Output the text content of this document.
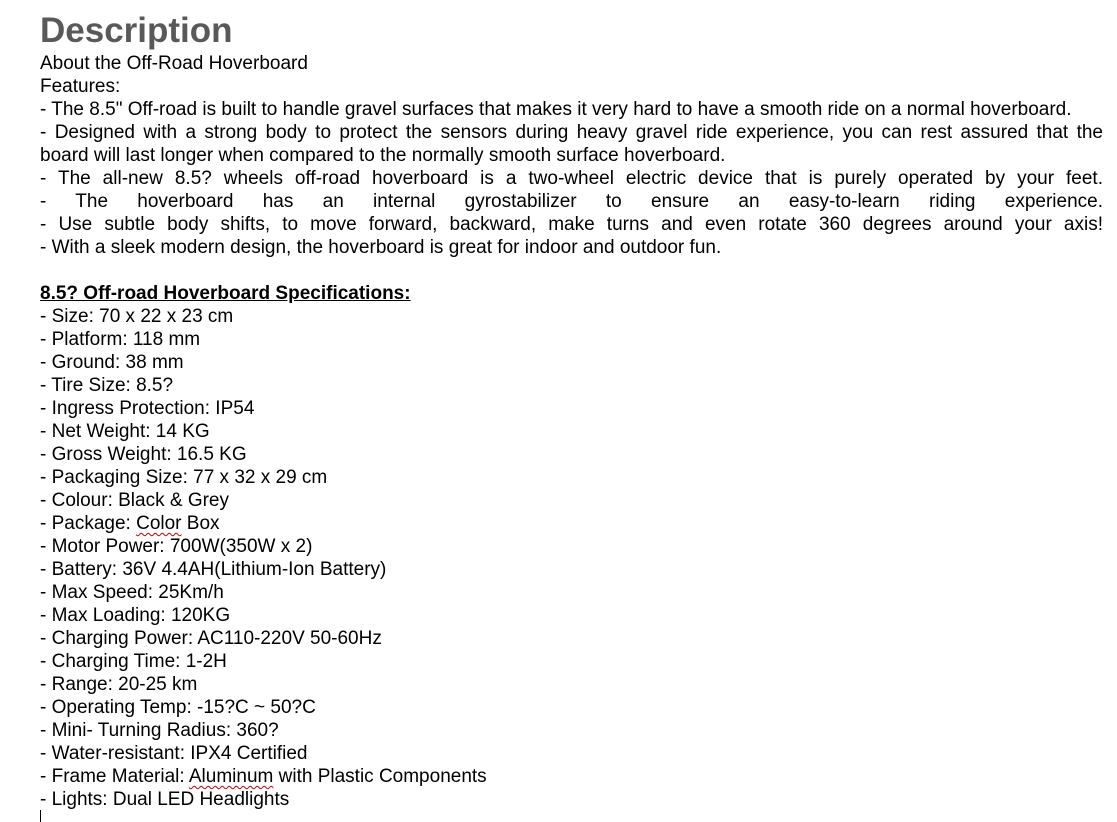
Description
About the Off-Road Hoverboard
Features:
- The 8.5" Off-road is built to handle gravel surfaces that makes it very hard to have a smooth ride on a normal hoverboard.
- Designed with a strong body to protect the sensors during heavy gravel ride experience, you can rest assured that the
board will last longer when compared to the normally smooth surface hoverboard.
- The all-new 8.5? wheels off-road hoverboard is a two-wheel electric device that is purely operated by your feet.
- The hoverboard has an internal gyrostabilizer to ensure an easy-to-learn riding experience.
- Use subtle body shifts, to move forward, backward, make turns and even rotate 360 degrees around your axis!
- With a sleek modern design, the hoverboard is great for indoor and outdoor fun.
8.5? Off-road Hoverboard Specifications:
- Size: 70 x 22 x 23 cm
- Platform: 118 mm
- Ground: 38 mm
- Tire Size: 8.5?
- Ingress Protection: IP54
- Net Weight: 14 KG
- Gross Weight: 16.5 KG
- Packaging Size: 77 x 32 x 29 cm
- Colour: Black & Grey
- Package: Color Box
- Motor Power: 700W(350W x 2)
- Battery: 36V 4.4AH(Lithium-Ion Battery)
- Max Speed: 25Km/h
- Max Loading: 120KG
- Charging Power: AC110-220V 50-60Hz
- Charging Time: 1-2H
- Range: 20-25 km
- Operating Temp: -15?C ~ 50?C
- Mini- Turning Radius: 360?
- Water-resistant: IPX4 Certified
- Frame Material: Aluminum with Plastic Components
- Lights: Dual LED Headlights
